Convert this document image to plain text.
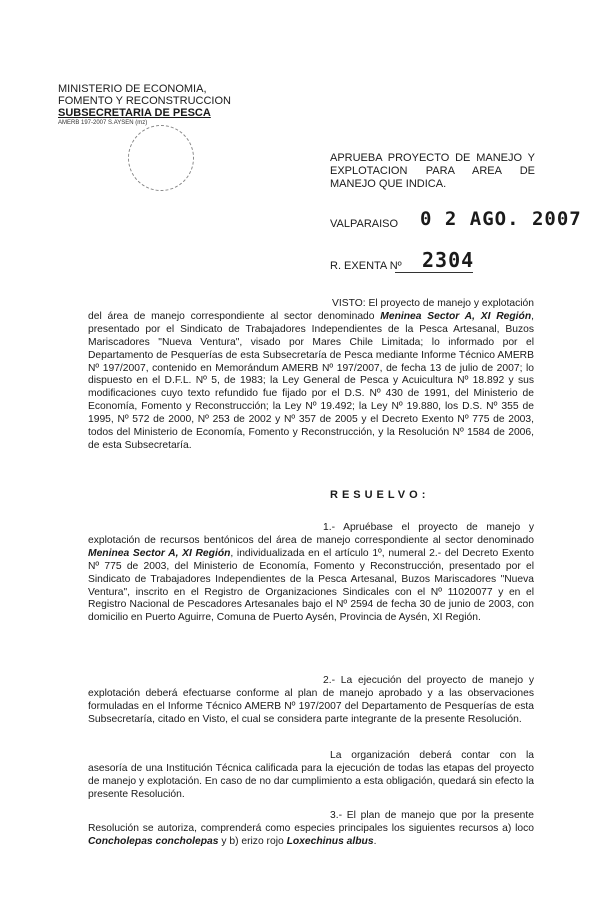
MINISTERIO DE ECONOMIA,
FOMENTO Y RECONSTRUCCION
SUBSECRETARIA DE PESCA
AMERB 197-2007 S.AYSEN (mz)
APRUEBA PROYECTO DE MANEJO Y EXPLOTACION PARA AREA DE MANEJO QUE INDICA.
VALPARAISO 0 2 AGO. 2007
R. EXENTA Nº 2304
VISTO: El proyecto de manejo y explotación del área de manejo correspondiente al sector denominado Meninea Sector A, XI Región, presentado por el Sindicato de Trabajadores Independientes de la Pesca Artesanal, Buzos Mariscadores "Nueva Ventura", visado por Mares Chile Limitada; lo informado por el Departamento de Pesquerías de esta Subsecretaría de Pesca mediante Informe Técnico AMERB Nº 197/2007, contenido en Memorándum AMERB Nº 197/2007, de fecha 13 de julio de 2007; lo dispuesto en el D.F.L. Nº 5, de 1983; la Ley General de Pesca y Acuicultura Nº 18.892 y sus modificaciones cuyo texto refundido fue fijado por el D.S. Nº 430 de 1991, del Ministerio de Economía, Fomento y Reconstrucción; la Ley Nº 19.492; la Ley Nº 19.880, los D.S. Nº 355 de 1995, Nº 572 de 2000, Nº 253 de 2002 y Nº 357 de 2005 y el Decreto Exento Nº 775 de 2003, todos del Ministerio de Economía, Fomento y Reconstrucción, y la Resolución Nº 1584 de 2006, de esta Subsecretaría.
RESUELVO:
1.- Apruébase el proyecto de manejo y explotación de recursos bentónicos del área de manejo correspondiente al sector denominado Meninea Sector A, XI Región, individualizada en el artículo 1º, numeral 2.- del Decreto Exento Nº 775 de 2003, del Ministerio de Economía, Fomento y Reconstrucción, presentado por el Sindicato de Trabajadores Independientes de la Pesca Artesanal, Buzos Mariscadores "Nueva Ventura", inscrito en el Registro de Organizaciones Sindicales con el Nº 11020077 y en el Registro Nacional de Pescadores Artesanales bajo el Nº 2594 de fecha 30 de junio de 2003, con domicilio en Puerto Aguirre, Comuna de Puerto Aysén, Provincia de Aysén, XI Región.
2.- La ejecución del proyecto de manejo y explotación deberá efectuarse conforme al plan de manejo aprobado y a las observaciones formuladas en el Informe Técnico AMERB Nº 197/2007 del Departamento de Pesquerías de esta Subsecretaría, citado en Visto, el cual se considera parte integrante de la presente Resolución.
La organización deberá contar con la asesoría de una Institución Técnica calificada para la ejecución de todas las etapas del proyecto de manejo y explotación. En caso de no dar cumplimiento a esta obligación, quedará sin efecto la presente Resolución.
3.- El plan de manejo que por la presente Resolución se autoriza, comprenderá como especies principales los siguientes recursos a) loco Concholepas concholepas y b) erizo rojo Loxechinus albus.
